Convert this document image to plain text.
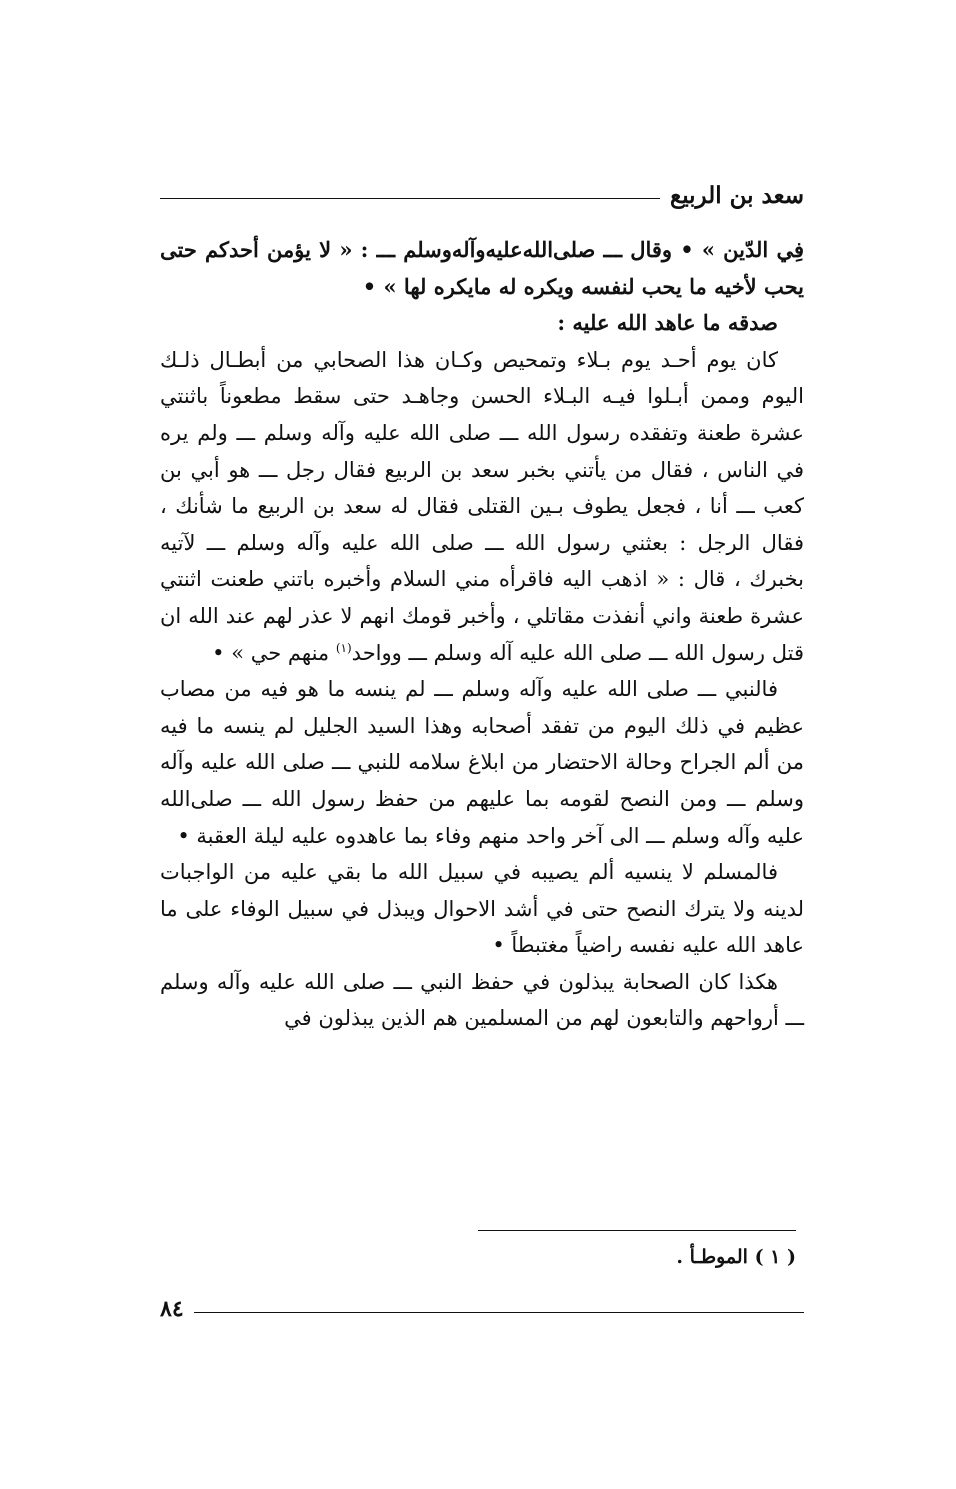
سعد بن الربيع

فِي الدّين » • وقال ـــ صلى‌الله‌عليه‌وآله‌وسلم ـــ : « لا يؤمن أحدكم حتى يحب لأخيه ما يحب لنفسه ويكره له مايكره لها » •

صدقه ما عاهد الله عليه :

كان يوم أحـد يوم بـلاء وتمحيص وكـان هذا الصحابي من أبطـال ذلـك اليوم وممن أبـلوا فيـه البـلاء الحسن وجاهـد حتى سقط مطعوناً باثنتي عشرة طعنة وتفقده رسول الله ـــ صلى الله عليه وآله وسلم ـــ ولم يره في الناس ، فقال من يأتني بخبر سعد بن الربيع فقال رجل ـــ هو أبي بن كعب ـــ أنا ، فجعل يطوف بـين القتلى فقال له سعد بن الربيع ما شأنك ، فقال الرجل : بعثني رسول الله ـــ صلى الله عليه وآله وسلم ـــ لآتيه بخبرك ، قال : « اذهب اليه فاقرأه مني السلام وأخبره باتني طعنت اثنتي عشرة طعنة واني أنفذت مقاتلي ، وأخبر قومك انهم لا عذر لهم عند الله ان قتل رسول الله ـــ صلى الله عليه آله وسلم ـــ وواحد$^{(١)}$ منهم حي » •

فالنبي ـــ صلى الله عليه وآله وسلم ـــ لم ينسه ما هو فيه من مصاب عظيم في ذلك اليوم من تفقد أصحابه وهذا السيد الجليل لم ينسه ما فيه من ألم الجراح وحالة الاحتضار من ابلاغ سلامه للنبي ـــ صلى الله عليه وآله وسلم ـــ ومن النصح لقومه بما عليهم من حفظ رسول الله ـــ صلى‌الله عليه وآله وسلم ـــ الى آخر واحد منهم وفاء بما عاهدوه عليه ليلة العقبة •

فالمسلم لا ينسيه ألم يصيبه في سبيل الله ما بقي عليه من الواجبات لدينه ولا يترك النصح حتى في أشد الاحوال ويبذل في سبيل الوفاء على ما عاهد الله عليه نفسه راضياً مغتبطاً •

هكذا كان الصحابة يبذلون في حفظ النبي ـــ صلى الله عليه وآله وسلم ـــ أرواحهم والتابعون لهم من المسلمين هم الذين يبذلون في

( ١ ) الموطـأ .
٨٤
